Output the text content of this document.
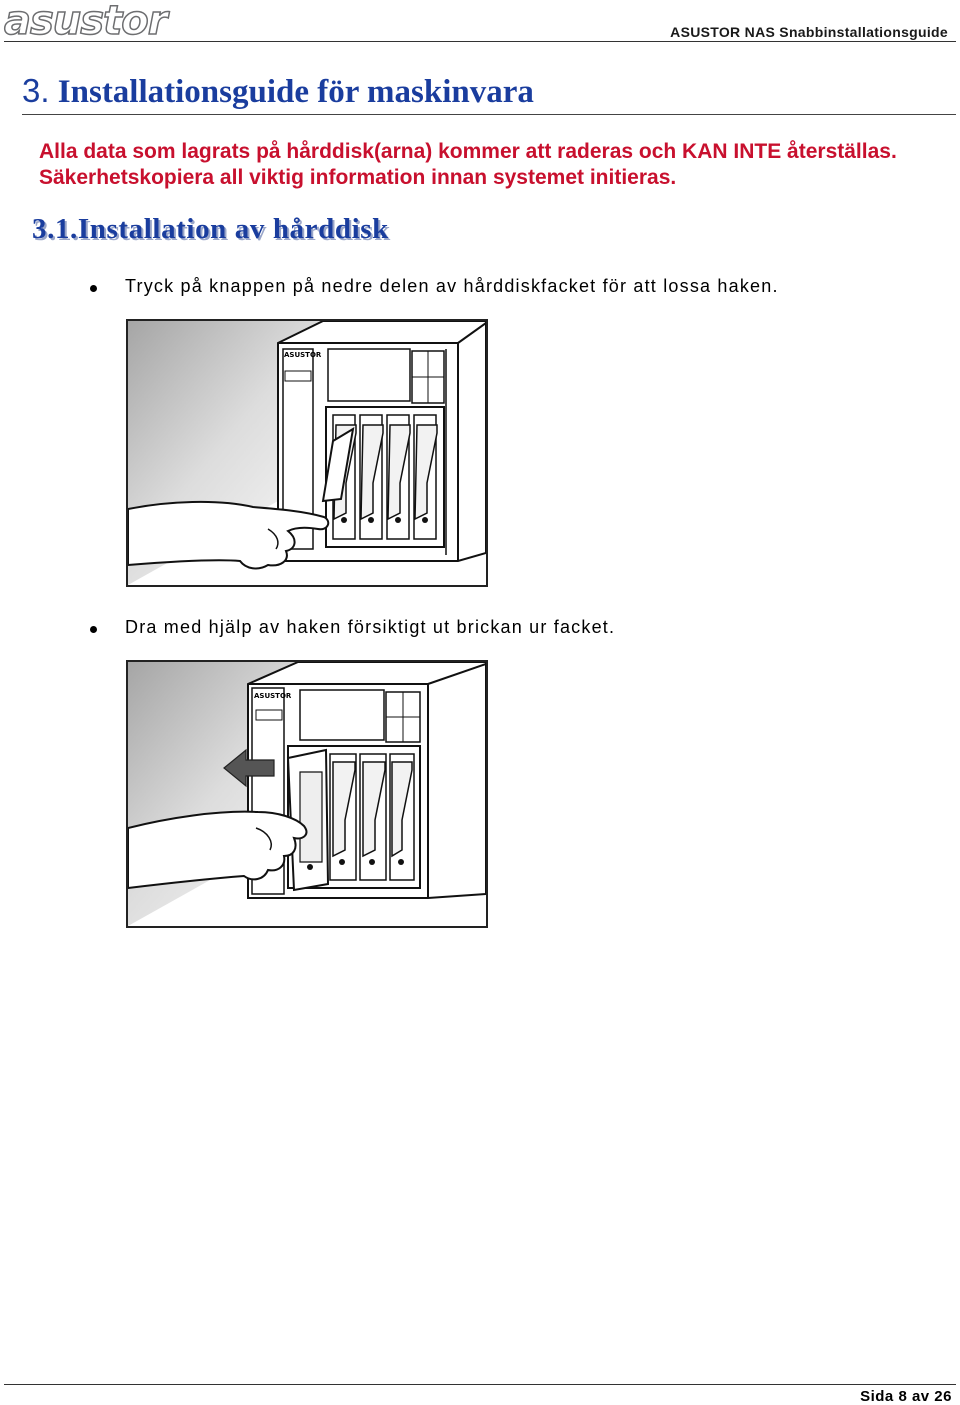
asustor	ASUSTOR NAS Snabbinstallationsguide
3. Installationsguide för maskinvara
Alla data som lagrats på hårddisk(arna) kommer att raderas och KAN INTE återställas. Säkerhetskopiera all viktig information innan systemet initieras.
3.1.Installation av hårddisk
Tryck på knappen på nedre delen av hårddiskfacket för att lossa haken.
ASUSTOR
Dra med hjälp av haken försiktigt ut brickan ur facket.
ASUSTOR
Sida 8 av 26
